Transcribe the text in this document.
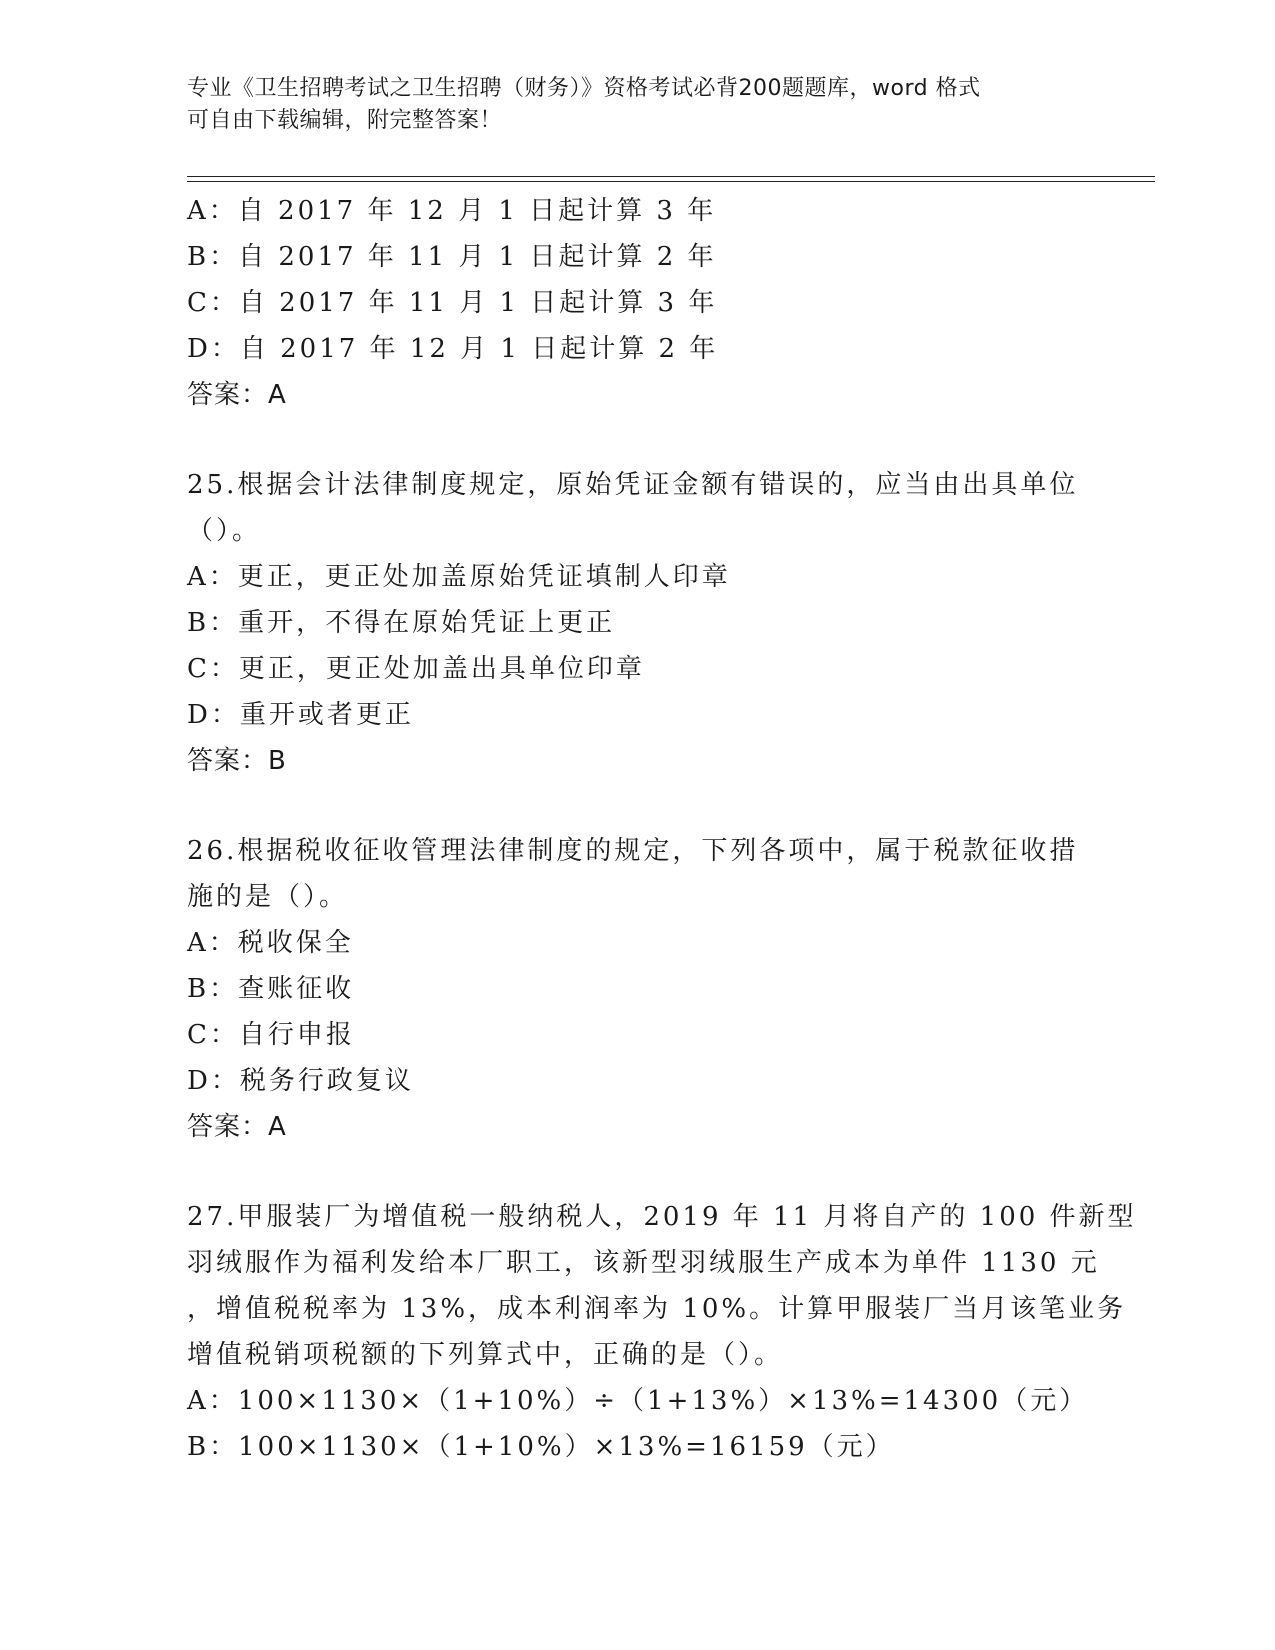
专业《卫生招聘考试之卫生招聘（财务）》资格考试必背200题题库，word 格式
可自由下载编辑，附完整答案！
A：自 2017 年 12 月 1 日起计算 3 年
B：自 2017 年 11 月 1 日起计算 2 年
C：自 2017 年 11 月 1 日起计算 3 年
D：自 2017 年 12 月 1 日起计算 2 年
答案：A
25.根据会计法律制度规定，原始凭证金额有错误的，应当由出具单位
（）。
A：更正，更正处加盖原始凭证填制人印章
B：重开，不得在原始凭证上更正
C：更正，更正处加盖出具单位印章
D：重开或者更正
答案：B
26.根据税收征收管理法律制度的规定，下列各项中，属于税款征收措
施的是（）。
A：税收保全
B：查账征收
C：自行申报
D：税务行政复议
答案：A
27.甲服装厂为增值税一般纳税人，2019 年 11 月将自产的 100 件新型
羽绒服作为福利发给本厂职工，该新型羽绒服生产成本为单件 1130 元
，增值税税率为 13%，成本利润率为 10%。计算甲服装厂当月该笔业务
增值税销项税额的下列算式中，正确的是（）。
A：100×1130×（1+10%）÷（1+13%）×13%=14300（元）
B：100×1130×（1+10%）×13%=16159（元）
